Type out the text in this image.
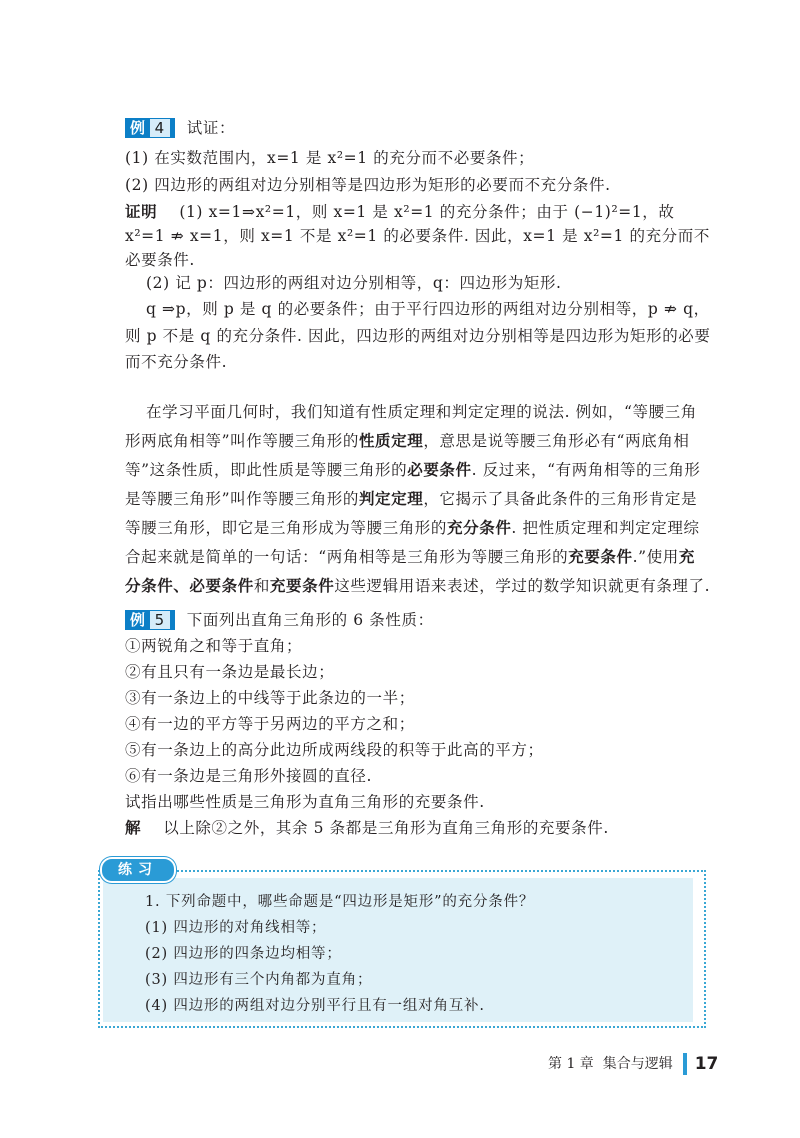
例 4 试证：
(1) 在实数范围内，x=1 是 x²=1 的充分而不必要条件；
(2) 四边形的两组对边分别相等是四边形为矩形的必要而不充分条件.
证明 (1) x=1⇒x²=1，则 x=1 是 x²=1 的充分条件；由于 (−1)²=1，故
x²=1 ⇏ x=1，则 x=1 不是 x²=1 的必要条件. 因此，x=1 是 x²=1 的充分而不
必要条件.
(2) 记 p：四边形的两组对边分别相等，q：四边形为矩形.
q ⇒p，则 p 是 q 的必要条件；由于平行四边形的两组对边分别相等，p ⇏ q，
则 p 不是 q 的充分条件. 因此，四边形的两组对边分别相等是四边形为矩形的必要
而不充分条件.
在学习平面几何时，我们知道有性质定理和判定定理的说法. 例如，“等腰三角
形两底角相等”叫作等腰三角形的性质定理，意思是说等腰三角形必有“两底角相
等”这条性质，即此性质是等腰三角形的必要条件. 反过来，“有两角相等的三角形
是等腰三角形”叫作等腰三角形的判定定理，它揭示了具备此条件的三角形肯定是
等腰三角形，即它是三角形成为等腰三角形的充分条件. 把性质定理和判定定理综
合起来就是简单的一句话：“两角相等是三角形为等腰三角形的充要条件.”使用充
分条件、必要条件和充要条件这些逻辑用语来表述，学过的数学知识就更有条理了.
例 5 下面列出直角三角形的 6 条性质：
①两锐角之和等于直角；
②有且只有一条边是最长边；
③有一条边上的中线等于此条边的一半；
④有一边的平方等于另两边的平方之和；
⑤有一条边上的高分此边所成两线段的积等于此高的平方；
⑥有一条边是三角形外接圆的直径.
试指出哪些性质是三角形为直角三角形的充要条件.
解 以上除②之外，其余 5 条都是三角形为直角三角形的充要条件.
练习
1. 下列命题中，哪些命题是“四边形是矩形”的充分条件？
(1) 四边形的对角线相等；
(2) 四边形的四条边均相等；
(3) 四边形有三个内角都为直角；
(4) 四边形的两组对边分别平行且有一组对角互补.
第 1 章 集合与逻辑 17
